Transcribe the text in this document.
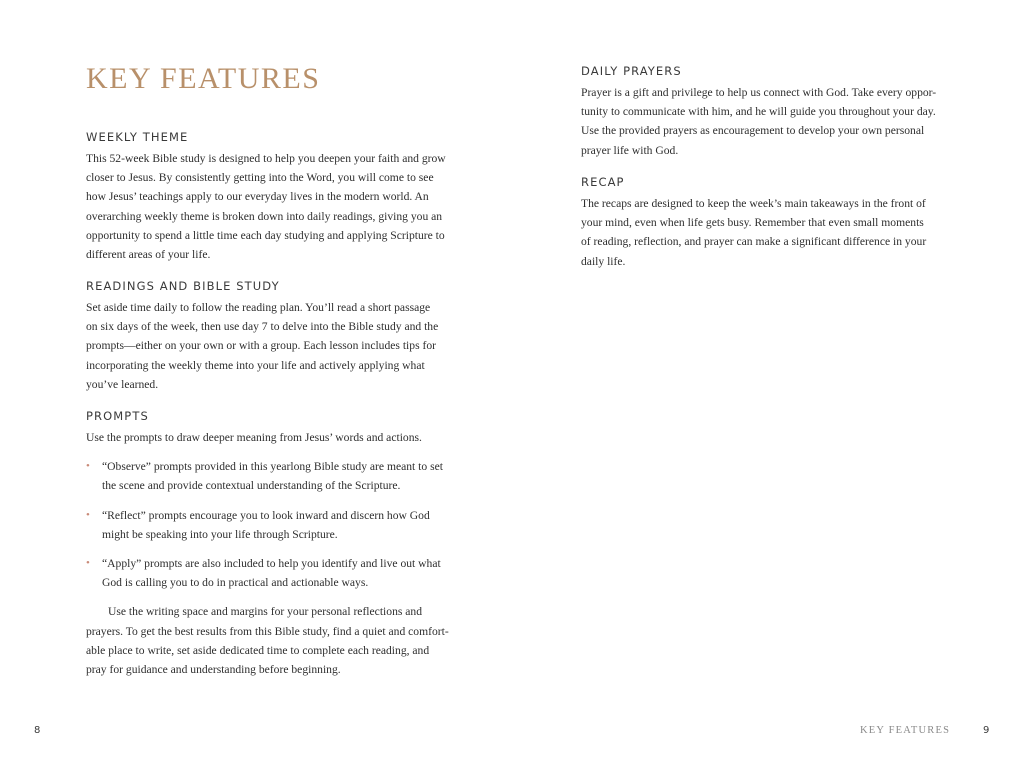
KEY FEATURES
WEEKLY THEME
This 52-week Bible study is designed to help you deepen your faith and grow
closer to Jesus. By consistently getting into the Word, you will come to see
how Jesus’ teachings apply to our everyday lives in the modern world. An
overarching weekly theme is broken down into daily readings, giving you an
opportunity to spend a little time each day studying and applying Scripture to
different areas of your life.
READINGS AND BIBLE STUDY
Set aside time daily to follow the reading plan. You’ll read a short passage
on six days of the week, then use day 7 to delve into the Bible study and the
prompts—either on your own or with a group. Each lesson includes tips for
incorporating the weekly theme into your life and actively applying what
you’ve learned.
PROMPTS
Use the prompts to draw deeper meaning from Jesus’ words and actions.
• “Observe” prompts provided in this yearlong Bible study are meant to set
the scene and provide contextual understanding of the Scripture.
• “Reflect” prompts encourage you to look inward and discern how God
might be speaking into your life through Scripture.
• “Apply” prompts are also included to help you identify and live out what
God is calling you to do in practical and actionable ways.
Use the writing space and margins for your personal reflections and
prayers. To get the best results from this Bible study, find a quiet and comfort-
able place to write, set aside dedicated time to complete each reading, and
pray for guidance and understanding before beginning.
8
DAILY PRAYERS
Prayer is a gift and privilege to help us connect with God. Take every oppor-
tunity to communicate with him, and he will guide you throughout your day.
Use the provided prayers as encouragement to develop your own personal
prayer life with God.
RECAP
The recaps are designed to keep the week’s main takeaways in the front of
your mind, even when life gets busy. Remember that even small moments
of reading, reflection, and prayer can make a significant difference in your
daily life.
KEY FEATURES	9
